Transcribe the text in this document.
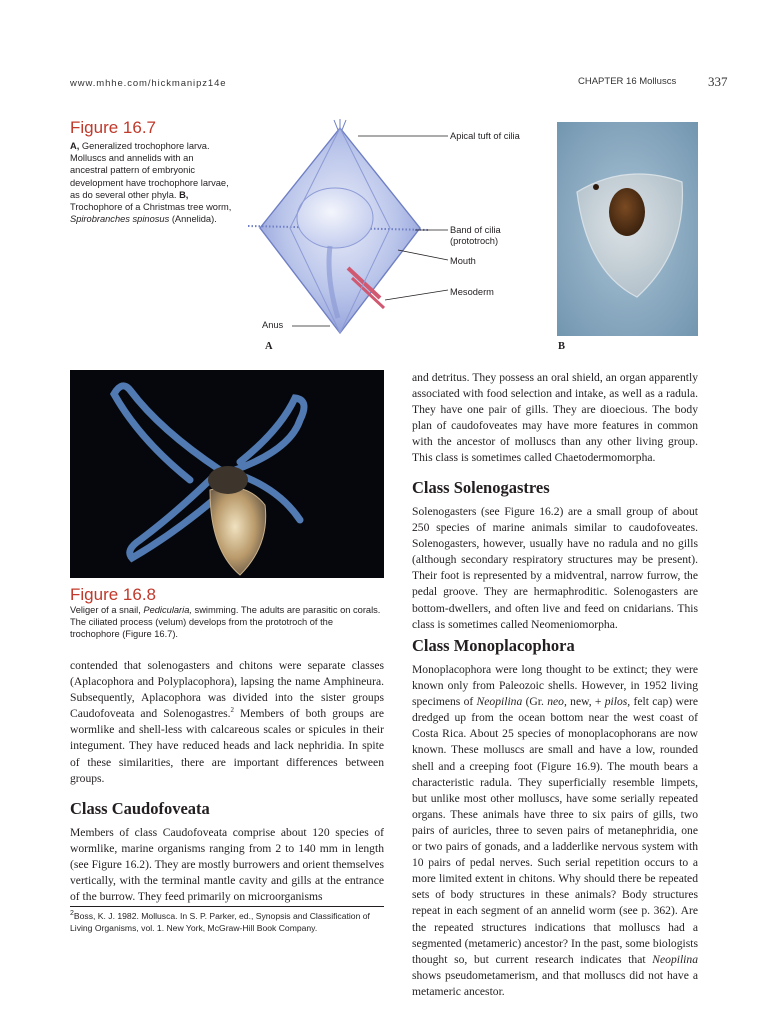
www.mhhe.com/hickmanipz14e	CHAPTER 16 Molluscs 337
Figure 16.7
A, Generalized trochophore larva. Molluscs and annelids with an ancestral pattern of embryonic development have trochophore larvae, as do several other phyla. B, Trochophore of a Christmas tree worm, Spirobranches spinosus (Annelida).
Apical tuft of cilia
Band of cilia (prototroch)
Mouth
Mesoderm
Anus
A	B
Figure 16.8
Veliger of a snail, Pedicularia, swimming. The adults are parasitic on corals. The ciliated process (velum) develops from the prototroch of the trochophore (Figure 16.7).

contended that solenogasters and chitons were separate classes (Aplacophora and Polyplacophora), lapsing the name Amphineura. Subsequently, Aplacophora was divided into the sister groups Caudofoveata and Solenogastres.$^2$ Members of both groups are wormlike and shell-less with calcareous scales or spicules in their integument. They have reduced heads and lack nephridia. In spite of these similarities, there are important differences between groups.

Class Caudofoveata

Members of class Caudofoveata comprise about 120 species of wormlike, marine organisms ranging from 2 to 140 mm in length (see Figure 16.2). They are mostly burrowers and orient themselves vertically, with the terminal mantle cavity and gills at the entrance of the burrow. They feed primarily on microorganisms

$^2$Boss, K. J. 1982. Mollusca. In S. P. Parker, ed., Synopsis and Classification of Living Organisms, vol. 1. New York, McGraw-Hill Book Company.

and detritus. They possess an oral shield, an organ apparently associated with food selection and intake, as well as a radula. They have one pair of gills. They are dioecious. The body plan of caudofoveates may have more features in common with the ancestor of molluscs than any other living group. This class is sometimes called Chaetodermomorpha.

Class Solenogastres

Solenogasters (see Figure 16.2) are a small group of about 250 species of marine animals similar to caudofoveates. Solenogasters, however, usually have no radula and no gills (although secondary respiratory structures may be present). Their foot is represented by a midventral, narrow furrow, the pedal groove. They are hermaphroditic. Solenogasters are bottom-dwellers, and often live and feed on cnidarians. This class is sometimes called Neomeniomorpha.

Class Monoplacophora

Monoplacophora were long thought to be extinct; they were known only from Paleozoic shells. However, in 1952 living specimens of Neopilina (Gr. neo, new, + pilos, felt cap) were dredged up from the ocean bottom near the west coast of Costa Rica. About 25 species of monoplacophorans are now known. These molluscs are small and have a low, rounded shell and a creeping foot (Figure 16.9). The mouth bears a characteristic radula. They superficially resemble limpets, but unlike most other molluscs, have some serially repeated organs. These animals have three to six pairs of gills, two pairs of auricles, three to seven pairs of metanephridia, one or two pairs of gonads, and a ladderlike nervous system with 10 pairs of pedal nerves. Such serial repetition occurs to a more limited extent in chitons. Why should there be repeated sets of body structures in these animals? Body structures repeat in each segment of an annelid worm (see p. 362). Are the repeated structures indications that molluscs had a segmented (metameric) ancestor? In the past, some biologists thought so, but current research indicates that Neopilina shows pseudometamerism, and that molluscs did not have a metameric ancestor.
